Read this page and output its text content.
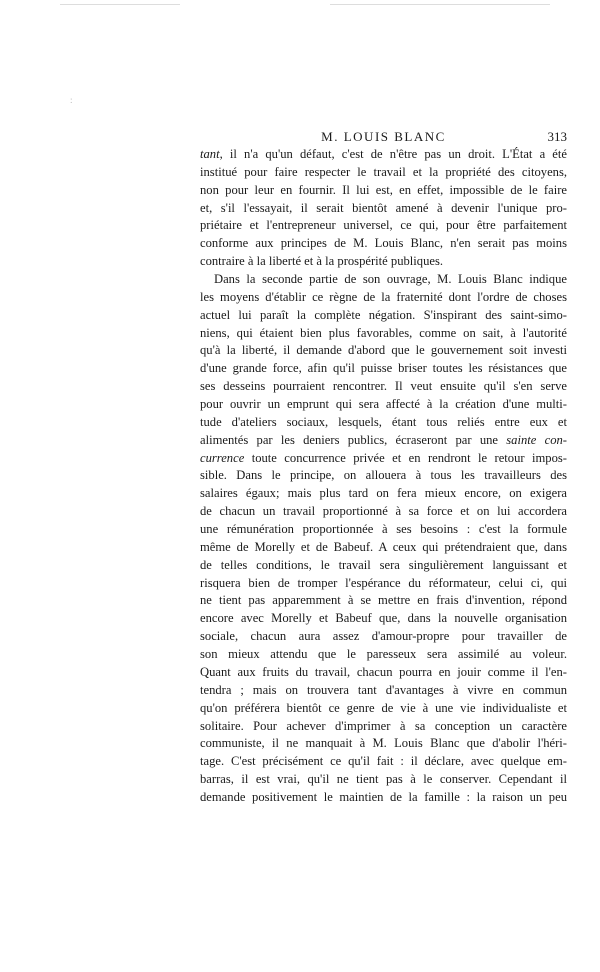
:
M. LOUIS BLANC	313
tant, il n'a qu'un défaut, c'est de n'être pas un droit. L'État a été
institué pour faire respecter le travail et la propriété des citoyens,
non pour leur en fournir. Il lui est, en effet, impossible de le faire
et, s'il l'essayait, il serait bientôt amené à devenir l'unique pro-
priétaire et l'entrepreneur universel, ce qui, pour être parfaitement
conforme aux principes de M. Louis Blanc, n'en serait pas moins
contraire à la liberté et à la prospérité publiques.
Dans la seconde partie de son ouvrage, M. Louis Blanc indique
les moyens d'établir ce règne de la fraternité dont l'ordre de choses
actuel lui paraît la complète négation. S'inspirant des saint-simo-
niens, qui étaient bien plus favorables, comme on sait, à l'autorité
qu'à la liberté, il demande d'abord que le gouvernement soit investi
d'une grande force, afin qu'il puisse briser toutes les résistances que
ses desseins pourraient rencontrer. Il veut ensuite qu'il s'en serve
pour ouvrir un emprunt qui sera affecté à la création d'une multi-
tude d'ateliers sociaux, lesquels, étant tous reliés entre eux et
alimentés par les deniers publics, écraseront par une sainte con-
currence toute concurrence privée et en rendront le retour impos-
sible. Dans le principe, on allouera à tous les travailleurs des
salaires égaux; mais plus tard on fera mieux encore, on exigera
de chacun un travail proportionné à sa force et on lui accordera
une rémunération proportionnée à ses besoins : c'est la formule
même de Morelly et de Babeuf. A ceux qui prétendraient que, dans
de telles conditions, le travail sera singulièrement languissant et
risquera bien de tromper l'espérance du réformateur, celui ci, qui
ne tient pas apparemment à se mettre en frais d'invention, répond
encore avec Morelly et Babeuf que, dans la nouvelle organisation
sociale, chacun aura assez d'amour-propre pour travailler de
son mieux attendu que le paresseux sera assimilé au voleur.
Quant aux fruits du travail, chacun pourra en jouir comme il l'en-
tendra ; mais on trouvera tant d'avantages à vivre en commun
qu'on préférera bientôt ce genre de vie à une vie individualiste et
solitaire. Pour achever d'imprimer à sa conception un caractère
communiste, il ne manquait à M. Louis Blanc que d'abolir l'héri-
tage. C'est précisément ce qu'il fait : il déclare, avec quelque em-
barras, il est vrai, qu'il ne tient pas à le conserver. Cependant il
demande positivement le maintien de la famille : la raison un peu
